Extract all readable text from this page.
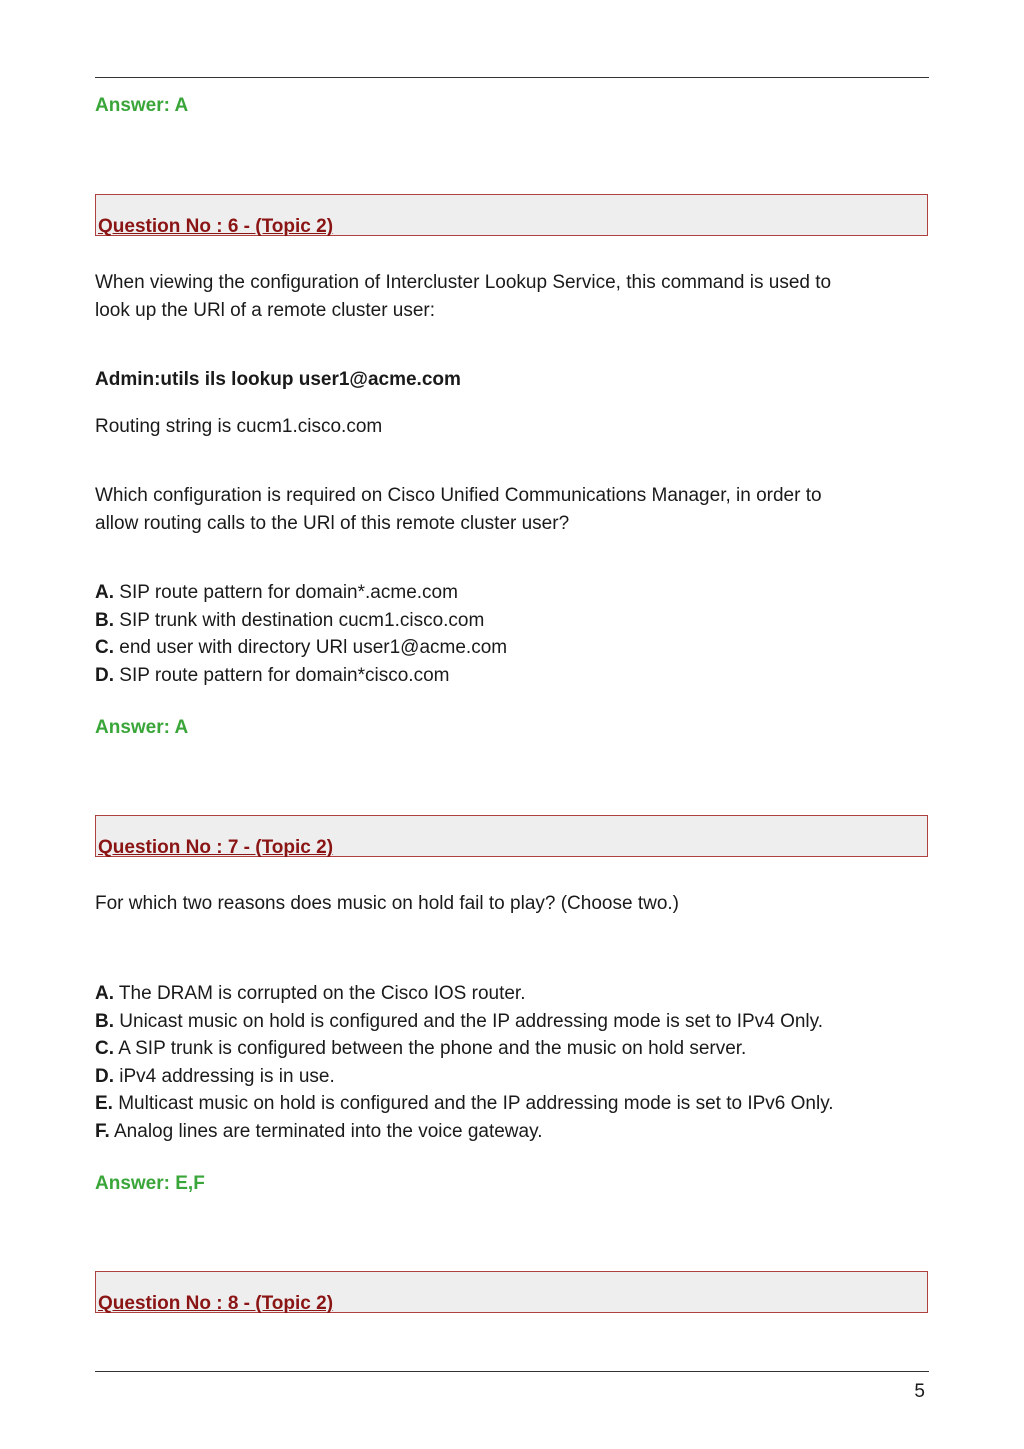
Answer: A
Question No : 6 - (Topic 2)
When viewing the configuration of Intercluster Lookup Service, this command is used to
look up the URl of a remote cluster user:
Admin:utils ils lookup user1@acme.com
Routing string is cucm1.cisco.com
Which configuration is required on Cisco Unified Communications Manager, in order to
allow routing calls to the URl of this remote cluster user?
A. SIP route pattern for domain*.acme.com
B. SIP trunk with destination cucm1.cisco.com
C. end user with directory URl user1@acme.com
D. SIP route pattern for domain*cisco.com
Answer: A
Question No : 7 - (Topic 2)
For which two reasons does music on hold fail to play? (Choose two.)
A. The DRAM is corrupted on the Cisco IOS router.
B. Unicast music on hold is configured and the IP addressing mode is set to IPv4 Only.
C. A SIP trunk is configured between the phone and the music on hold server.
D. iPv4 addressing is in use.
E. Multicast music on hold is configured and the IP addressing mode is set to IPv6 Only.
F. Analog lines are terminated into the voice gateway.
Answer: E,F
Question No : 8 - (Topic 2)
5
